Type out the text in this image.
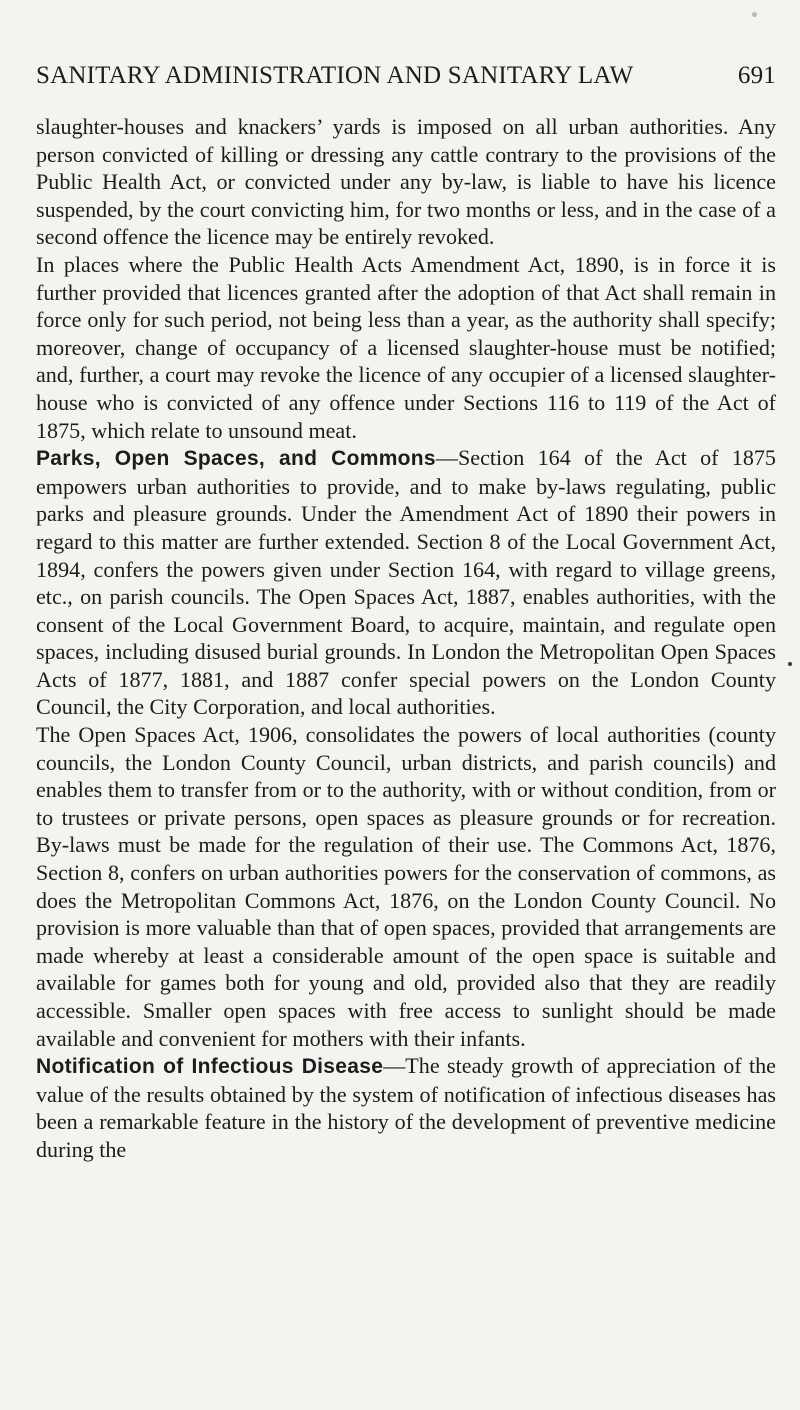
SANITARY ADMINISTRATION AND SANITARY LAW	691

slaughter-houses and knackers’ yards is imposed on all urban authorities. Any person convicted of killing or dressing any cattle contrary to the provisions of the Public Health Act, or convicted under any by-law, is liable to have his licence suspended, by the court convicting him, for two months or less, and in the case of a second offence the licence may be entirely revoked.

In places where the Public Health Acts Amendment Act, 1890, is in force it is further provided that licences granted after the adoption of that Act shall remain in force only for such period, not being less than a year, as the authority shall specify; moreover, change of occupancy of a licensed slaughter-house must be notified; and, further, a court may revoke the licence of any occupier of a licensed slaughter-house who is convicted of any offence under Sections 116 to 119 of the Act of 1875, which relate to unsound meat.

Parks, Open Spaces, and Commons—Section 164 of the Act of 1875 empowers urban authorities to provide, and to make by-laws regulating, public parks and pleasure grounds. Under the Amendment Act of 1890 their powers in regard to this matter are further extended. Section 8 of the Local Government Act, 1894, confers the powers given under Section 164, with regard to village greens, etc., on parish councils. The Open Spaces Act, 1887, enables authorities, with the consent of the Local Government Board, to acquire, maintain, and regulate open spaces, including disused burial grounds. In London the Metropolitan Open Spaces Acts of 1877, 1881, and 1887 confer special powers on the London County Council, the City Corporation, and local authorities.

The Open Spaces Act, 1906, consolidates the powers of local authorities (county councils, the London County Council, urban districts, and parish councils) and enables them to transfer from or to the authority, with or without condition, from or to trustees or private persons, open spaces as pleasure grounds or for recreation. By-laws must be made for the regulation of their use. The Commons Act, 1876, Section 8, confers on urban authorities powers for the conservation of commons, as does the Metropolitan Commons Act, 1876, on the London County Council. No provision is more valuable than that of open spaces, provided that arrangements are made whereby at least a considerable amount of the open space is suitable and available for games both for young and old, provided also that they are readily accessible. Smaller open spaces with free access to sunlight should be made available and convenient for mothers with their infants.

Notification of Infectious Disease—The steady growth of appreciation of the value of the results obtained by the system of notification of infectious diseases has been a remarkable feature in the history of the development of preventive medicine during the
